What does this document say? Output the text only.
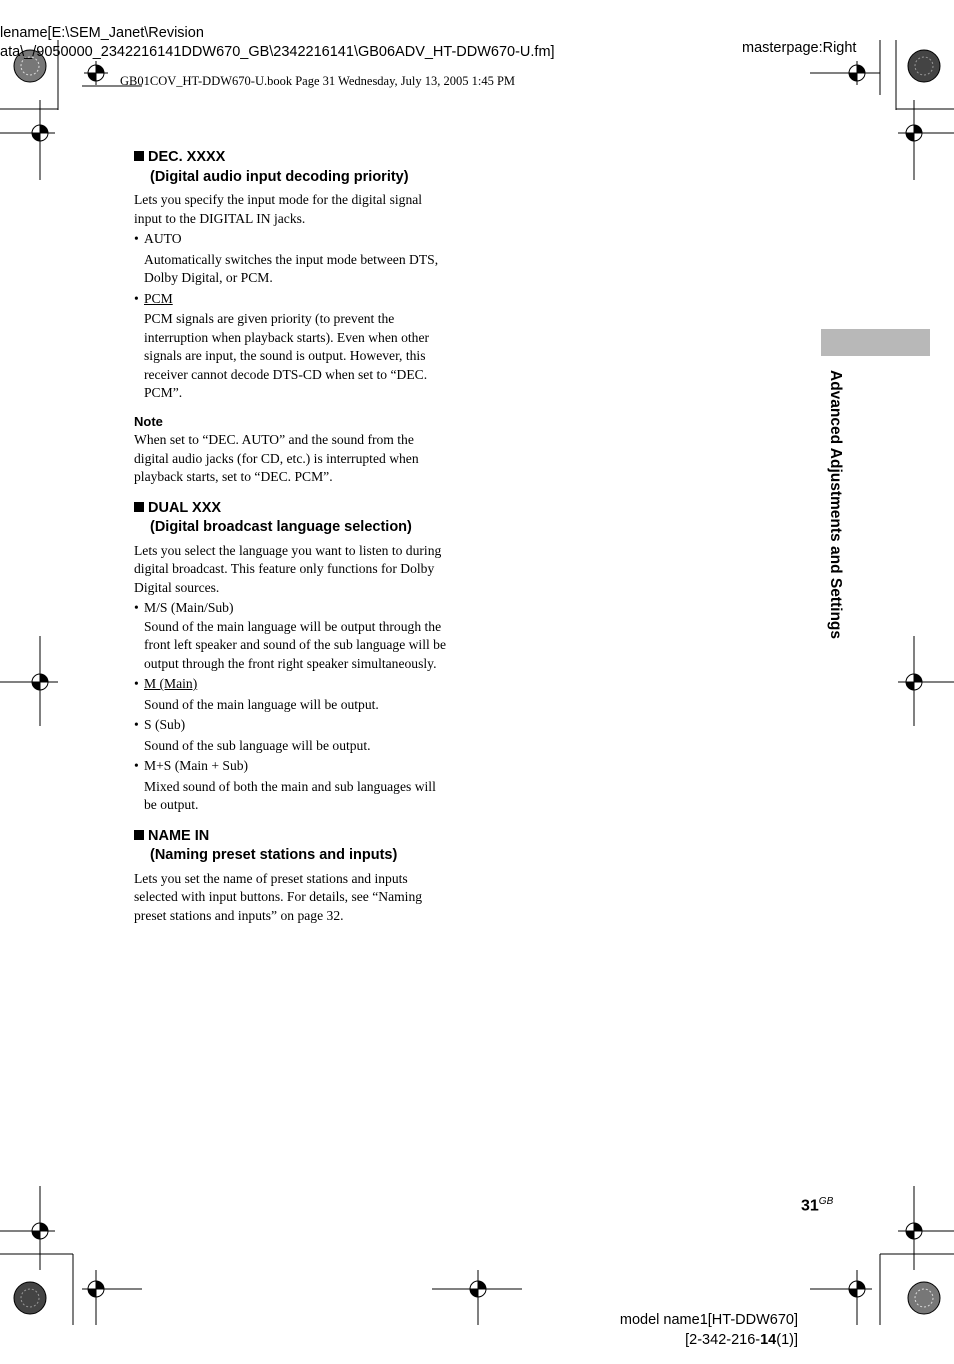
lename[E:\SEM_Janet\Revision
ata\_/9050000_2342216141DDW670_GB\2342216141\GB06ADV_HT-DDW670-U.fm]	masterpage:Right
GB01COV_HT-DDW670-U.book Page 31 Wednesday, July 13, 2005 1:45 PM
DEC. XXXX
(Digital audio input decoding priority)

Lets you specify the input mode for the digital signal input to the DIGITAL IN jacks.

• AUTO
Automatically switches the input mode between DTS, Dolby Digital, or PCM.
• PCM
PCM signals are given priority (to prevent the interruption when playback starts). Even when other signals are input, the sound is output. However, this receiver cannot decode DTS-CD when set to “DEC. PCM”.
Note

When set to “DEC. AUTO” and the sound from the digital audio jacks (for CD, etc.) is interrupted when playback starts, set to “DEC. PCM”.

DUAL XXX
(Digital broadcast language selection)

Lets you select the language you want to listen to during digital broadcast. This feature only functions for Dolby Digital sources.

• M/S (Main/Sub)
Sound of the main language will be output through the front left speaker and sound of the sub language will be output through the front right speaker simultaneously.
• M (Main)
Sound of the main language will be output.
• S (Sub)
Sound of the sub language will be output.
• M+S (Main + Sub)
Mixed sound of both the main and sub languages will be output.
NAME IN
(Naming preset stations and inputs)

Lets you set the name of preset stations and inputs selected with input buttons. For details, see “Naming preset stations and inputs” on page 32.

Advanced Adjustments and Settings
$31^{GB}$
model name1[HT-DDW670]
[2-342-216-14(1)]
